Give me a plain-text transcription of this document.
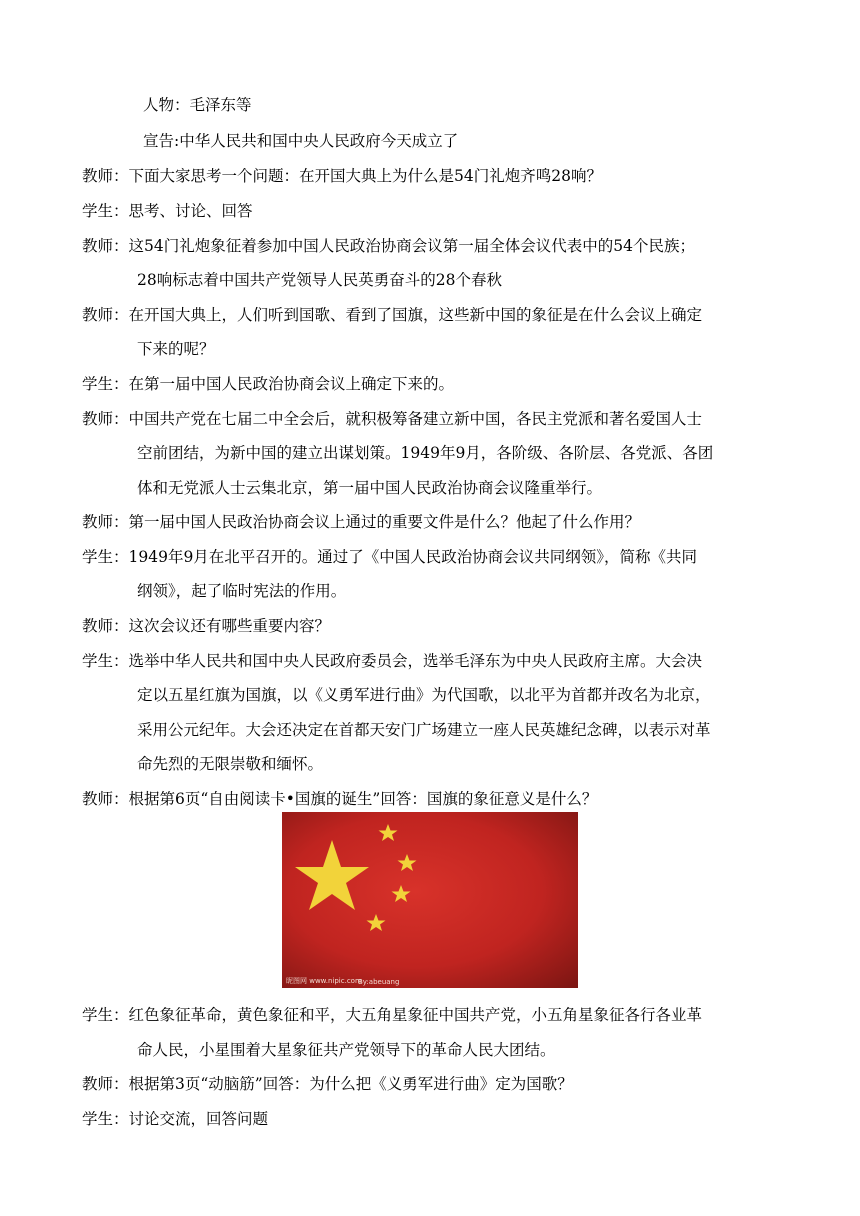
人物：毛泽东等
宣告:中华人民共和国中央人民政府今天成立了
教师：下面大家思考一个问题：在开国大典上为什么是54门礼炮齐鸣28响？
学生：思考、讨论、回答
教师：这54门礼炮象征着参加中国人民政治协商会议第一届全体会议代表中的54个民族；
28响标志着中国共产党领导人民英勇奋斗的28个春秋
教师：在开国大典上，人们听到国歌、看到了国旗，这些新中国的象征是在什么会议上确定
下来的呢？
学生：在第一届中国人民政治协商会议上确定下来的。
教师：中国共产党在七届二中全会后，就积极筹备建立新中国，各民主党派和著名爱国人士
空前团结，为新中国的建立出谋划策。1949年9月，各阶级、各阶层、各党派、各团
体和无党派人士云集北京，第一届中国人民政治协商会议隆重举行。
教师：第一届中国人民政治协商会议上通过的重要文件是什么？他起了什么作用？
学生：1949年9月在北平召开的。通过了《中国人民政治协商会议共同纲领》，简称《共同
纲领》，起了临时宪法的作用。
教师：这次会议还有哪些重要内容？
学生：选举中华人民共和国中央人民政府委员会，选举毛泽东为中央人民政府主席。大会决
定以五星红旗为国旗，以《义勇军进行曲》为代国歌，以北平为首都并改名为北京，
采用公元纪年。大会还决定在首都天安门广场建立一座人民英雄纪念碑，以表示对革
命先烈的无限崇敬和缅怀。
教师：根据第6页“自由阅读卡•国旗的诞生”回答：国旗的象征意义是什么？
昵图网 www.nipic.com
By:abeuang
学生：红色象征革命，黄色象征和平，大五角星象征中国共产党，小五角星象征各行各业革
命人民，小星围着大星象征共产党领导下的革命人民大团结。
教师：根据第3页“动脑筋”回答：为什么把《义勇军进行曲》定为国歌？
学生：讨论交流，回答问题
